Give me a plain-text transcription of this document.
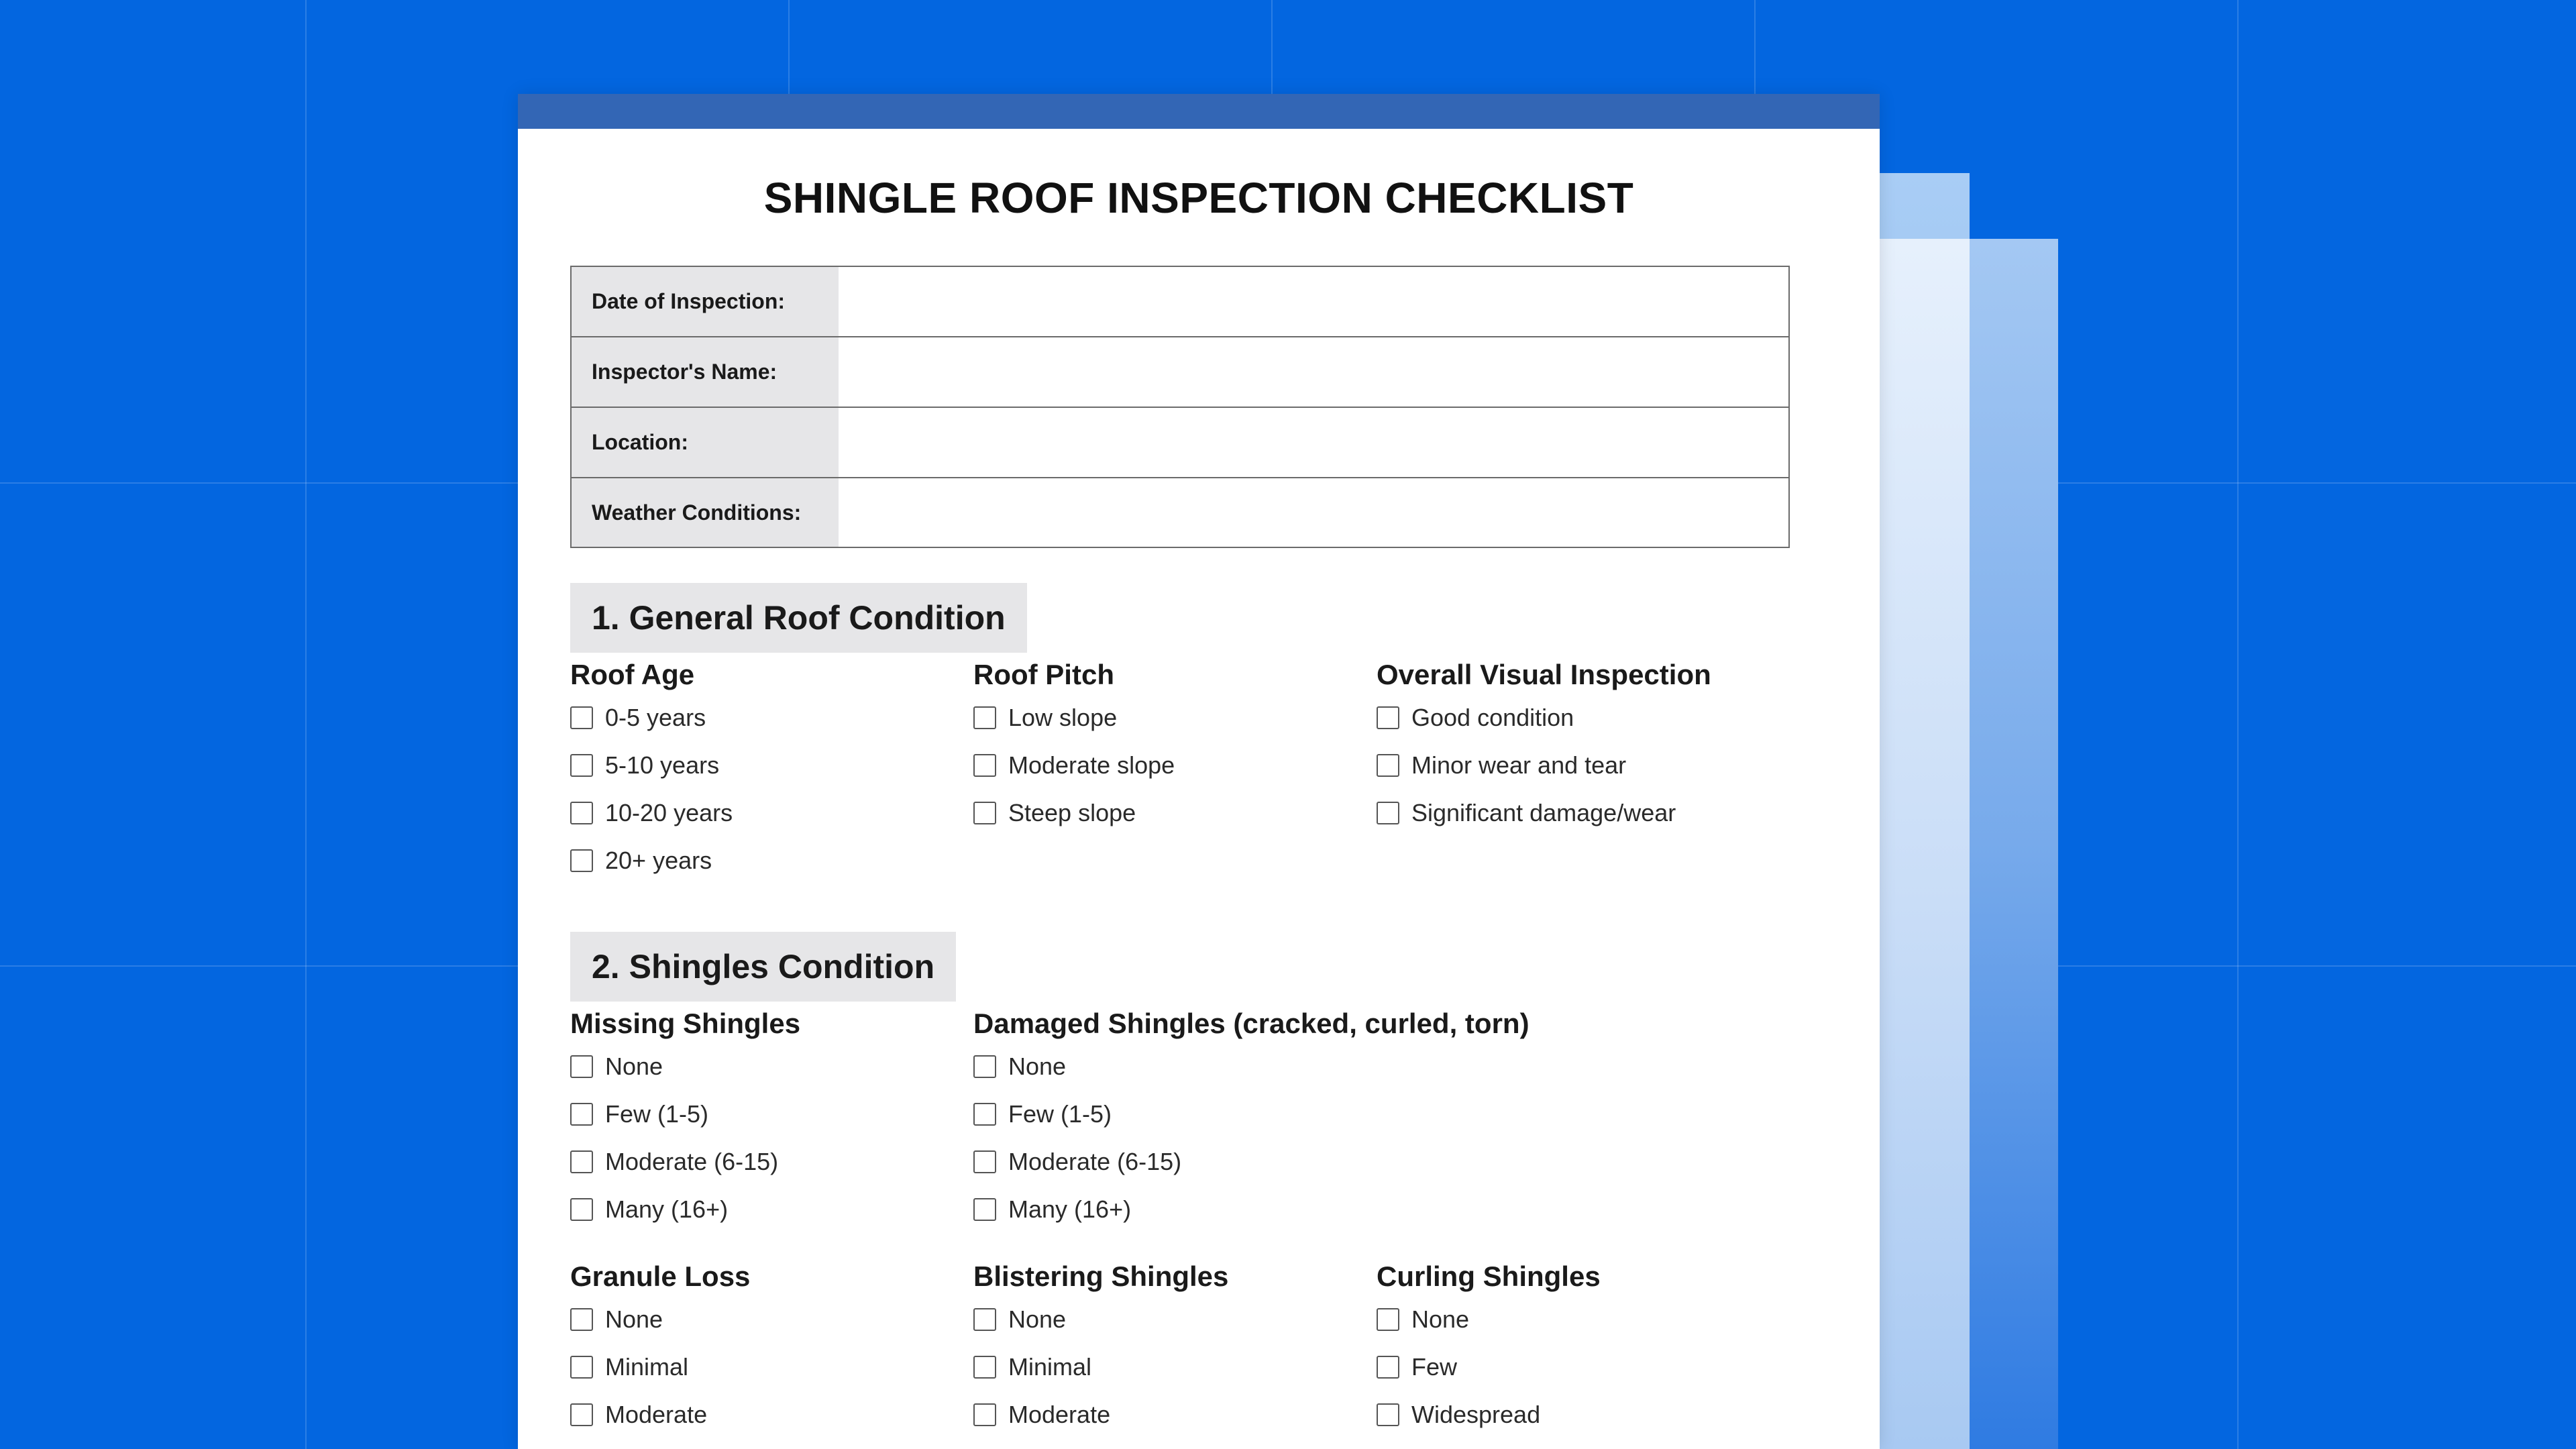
SHINGLE ROOF INSPECTION CHECKLIST
Date of Inspection:
Inspector's Name:
Location:
Weather Conditions:
1. General Roof Condition
Roof Age
0-5 years
5-10 years
10-20 years
20+ years
Roof Pitch
Low slope
Moderate slope
Steep slope
Overall Visual Inspection
Good condition
Minor wear and tear
Significant damage/wear
2. Shingles Condition
Missing Shingles
None
Few (1-5)
Moderate (6-15)
Many (16+)
Damaged Shingles (cracked, curled, torn)
None
Few (1-5)
Moderate (6-15)
Many (16+)
Granule Loss
None
Minimal
Moderate
Blistering Shingles
None
Minimal
Moderate
Curling Shingles
None
Few
Widespread
